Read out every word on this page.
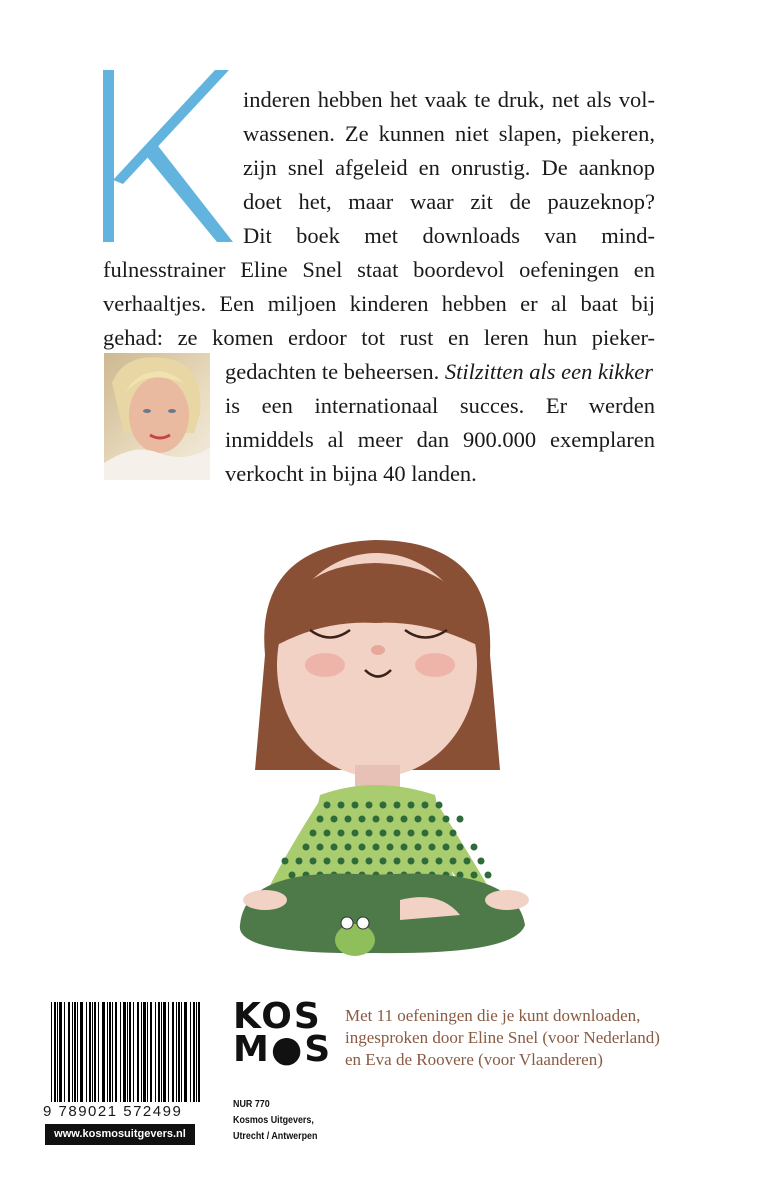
inderen hebben het vaak te druk, net als vol-
wassenen. Ze kunnen niet slapen, piekeren,
zijn snel afgeleid en onrustig. De aanknop
doet het, maar waar zit de pauzeknop?
Dit boek met downloads van mind-
fulnesstrainer Eline Snel staat boordevol oefeningen en
verhaaltjes. Een miljoen kinderen hebben er al baat bij
gehad: ze komen erdoor tot rust en leren hun pieker-
gedachten te beheersen. Stilzitten als een kikker
is een internationaal succes. Er werden
inmiddels al meer dan 900.000 exemplaren
verkocht in bijna 40 landen.
©HENK JANSEN
9 789021 572499
www.kosmosuitgevers.nl
KOS
M●S
NUR 770
Kosmos Uitgevers,
Utrecht / Antwerpen
Met 11 oefeningen die je kunt downloaden,
ingesproken door Eline Snel (voor Nederland)
en Eva de Roovere (voor Vlaanderen)
